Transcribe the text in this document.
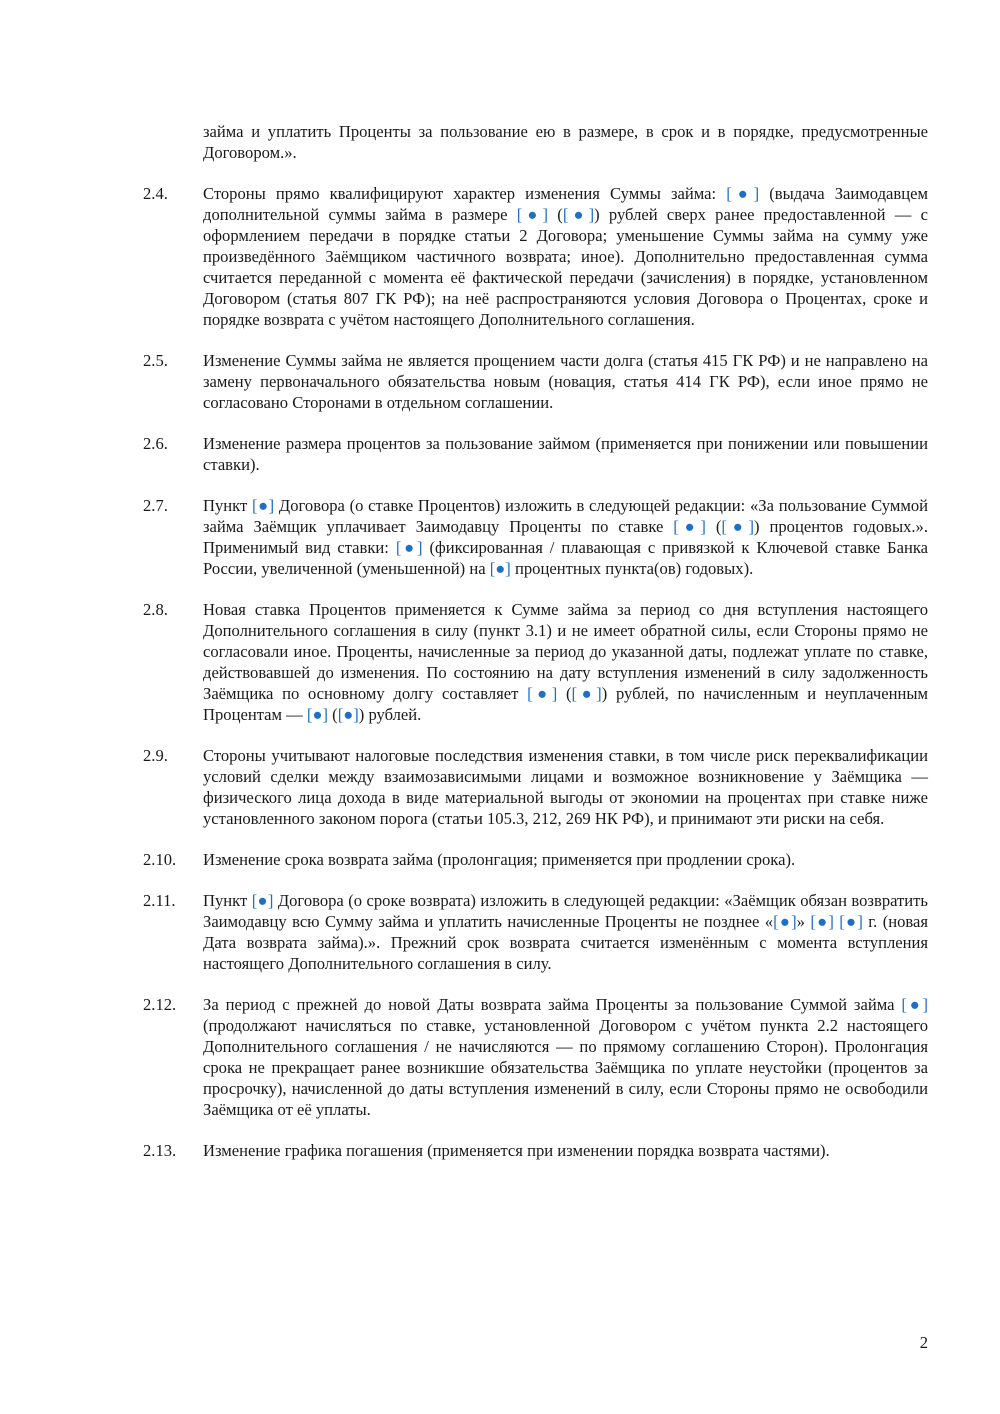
займа и уплатить Проценты за пользование ею в размере, в срок и в порядке, предусмотренные Договором.».
2.4.	Стороны прямо квалифицируют характер изменения Суммы займа: [●] (выдача Заимодавцем дополнительной суммы займа в размере [●] ([●]) рублей сверх ранее предоставленной — с оформлением передачи в порядке статьи 2 Договора; уменьшение Суммы займа на сумму уже произведённого Заёмщиком частичного возврата; иное). Дополнительно предоставленная сумма считается переданной с момента её фактической передачи (зачисления) в порядке, установленном Договором (статья 807 ГК РФ); на неё распространяются условия Договора о Процентах, сроке и порядке возврата с учётом настоящего Дополнительного соглашения.
2.5.	Изменение Суммы займа не является прощением части долга (статья 415 ГК РФ) и не направлено на замену первоначального обязательства новым (новация, статья 414 ГК РФ), если иное прямо не согласовано Сторонами в отдельном соглашении.
2.6.	Изменение размера процентов за пользование займом (применяется при понижении или повышении ставки).
2.7.	Пункт [●] Договора (о ставке Процентов) изложить в следующей редакции: «За пользование Суммой займа Заёмщик уплачивает Заимодавцу Проценты по ставке [●] ([●]) процентов годовых.». Применимый вид ставки: [●] (фиксированная / плавающая с привязкой к Ключевой ставке Банка России, увеличенной (уменьшенной) на [●] процентных пункта(ов) годовых).
2.8.	Новая ставка Процентов применяется к Сумме займа за период со дня вступления настоящего Дополнительного соглашения в силу (пункт 3.1) и не имеет обратной силы, если Стороны прямо не согласовали иное. Проценты, начисленные за период до указанной даты, подлежат уплате по ставке, действовавшей до изменения. По состоянию на дату вступления изменений в силу задолженность Заёмщика по основному долгу составляет [●] ([●]) рублей, по начисленным и неуплаченным Процентам — [●] ([●]) рублей.
2.9.	Стороны учитывают налоговые последствия изменения ставки, в том числе риск переквалификации условий сделки между взаимозависимыми лицами и возможное возникновение у Заёмщика — физического лица дохода в виде материальной выгоды от экономии на процентах при ставке ниже установленного законом порога (статьи 105.3, 212, 269 НК РФ), и принимают эти риски на себя.
2.10.	Изменение срока возврата займа (пролонгация; применяется при продлении срока).
2.11.	Пункт [●] Договора (о сроке возврата) изложить в следующей редакции: «Заёмщик обязан возвратить Заимодавцу всю Сумму займа и уплатить начисленные Проценты не позднее «[●]» [●] [●] г. (новая Дата возврата займа).». Прежний срок возврата считается изменённым с момента вступления настоящего Дополнительного соглашения в силу.
2.12.	За период с прежней до новой Даты возврата займа Проценты за пользование Суммой займа [●] (продолжают начисляться по ставке, установленной Договором с учётом пункта 2.2 настоящего Дополнительного соглашения / не начисляются — по прямому соглашению Сторон). Пролонгация срока не прекращает ранее возникшие обязательства Заёмщика по уплате неустойки (процентов за просрочку), начисленной до даты вступления изменений в силу, если Стороны прямо не освободили Заёмщика от её уплаты.
2.13.	Изменение графика погашения (применяется при изменении порядка возврата частями).
2
